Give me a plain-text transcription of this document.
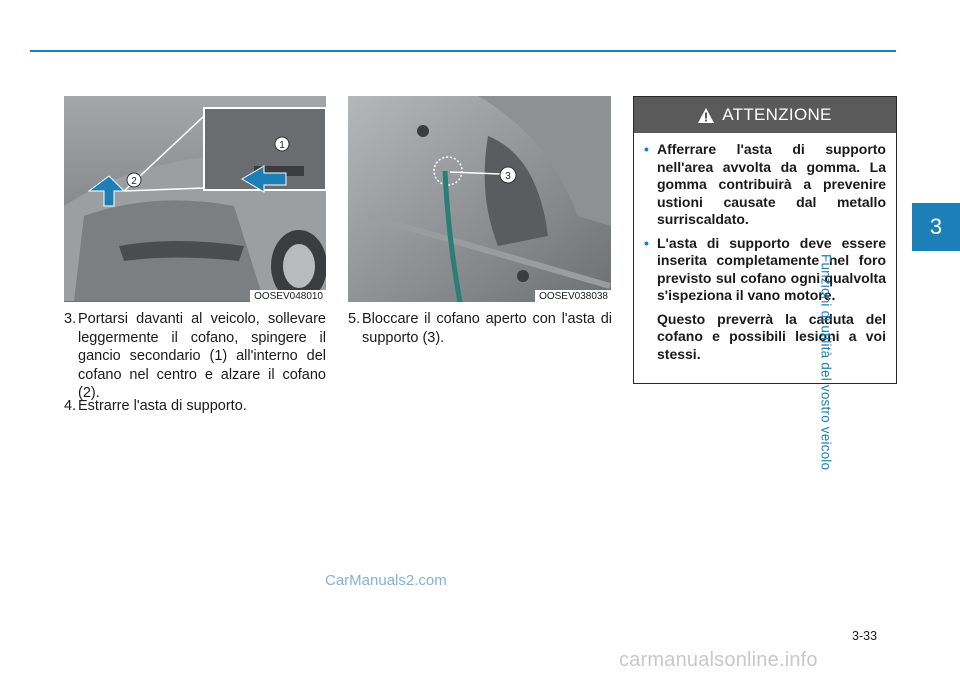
1
2
OOSEV048010
3
OOSEV038038
3. Portarsi davanti al veicolo, sollevare leggermente il cofano, spingere il gancio secondario (1) all'interno del cofano nel centro e alzare il cofano (2).
4. Estrarre l'asta di supporto.
5. Bloccare il cofano aperto con l'asta di supporto (3).
ATTENZIONE
• Afferrare l'asta di supporto nell'area avvolta da gomma. La gomma contribuirà a prevenire ustioni causate dal metallo surriscaldato.

• L'asta di supporto deve essere inserita completamente nel foro previsto sul cofano ogni qualvolta s'ispeziona il vano motore.

Questo preverrà la caduta del cofano e possibili lesioni a voi stessi.

3
Funzioni di utilità del vostro veicolo
3-33
CarManuals2.com
carmanualsonline.info
